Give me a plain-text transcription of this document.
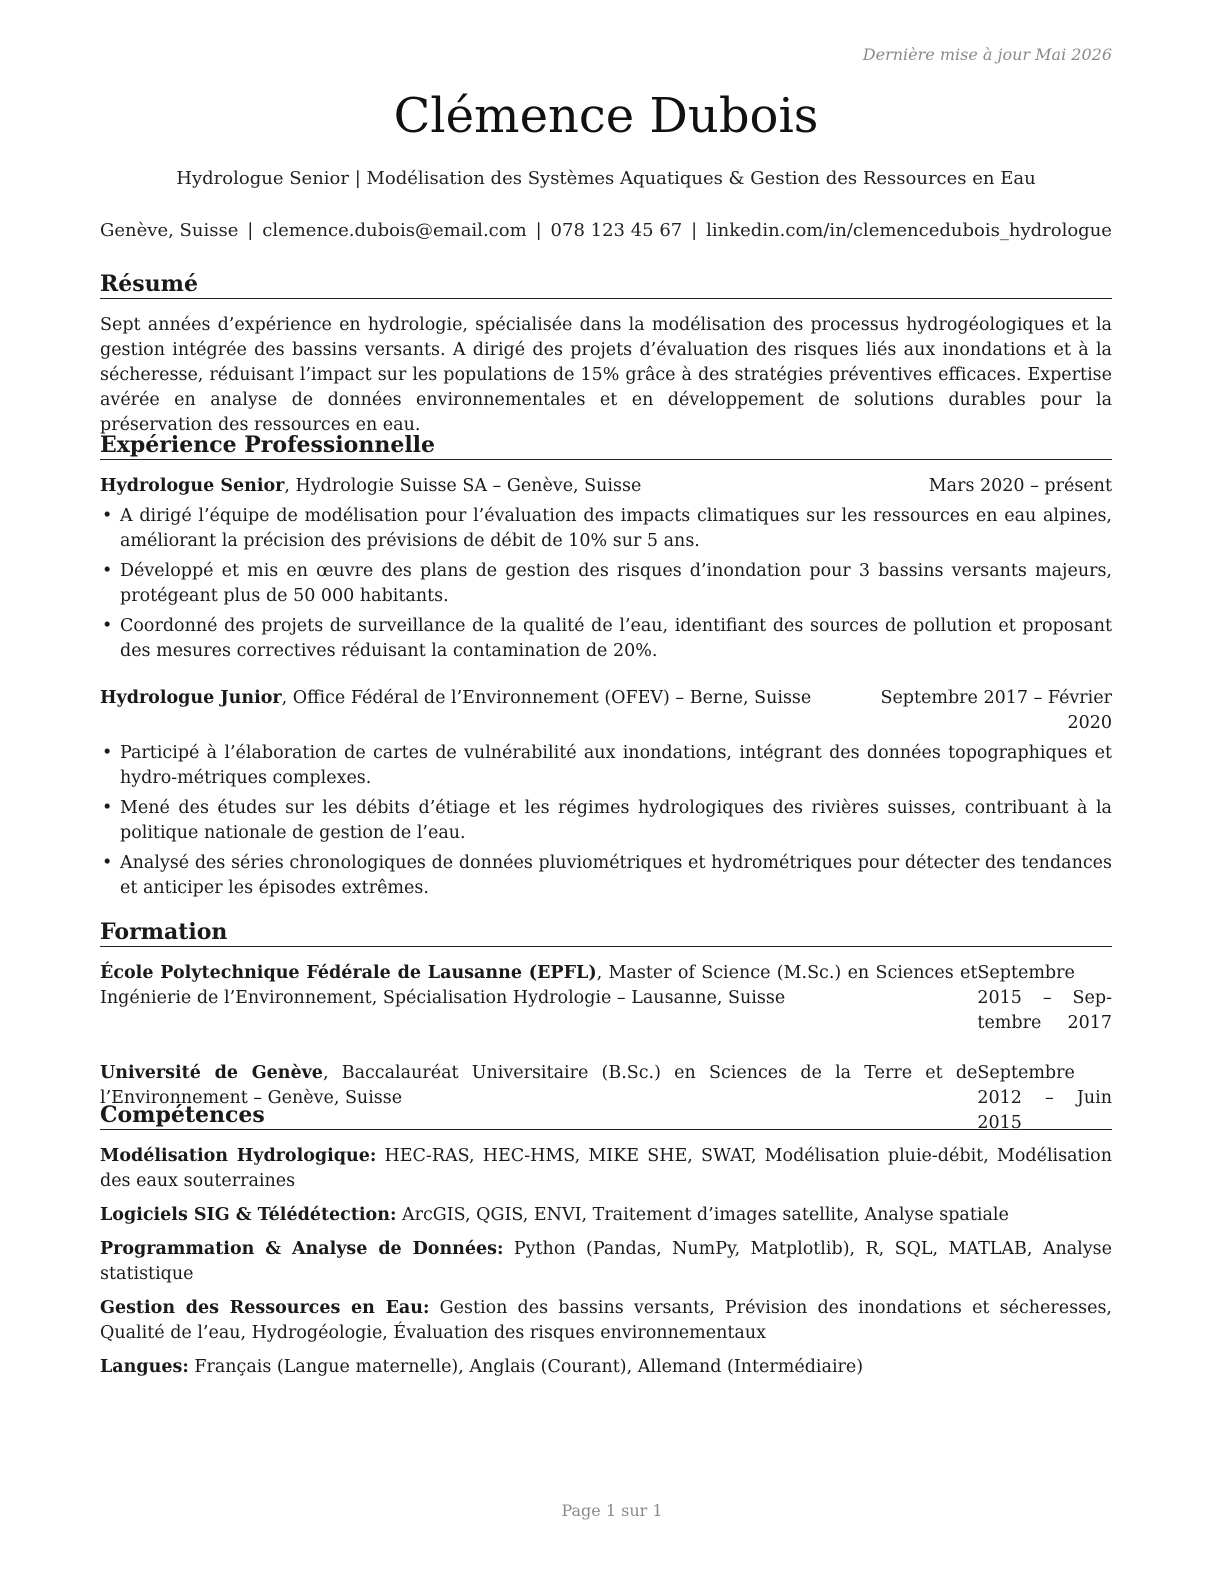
Dernière mise à jour Mai 2026
Clémence Dubois
Hydrologue Senior | Modélisation des Systèmes Aquatiques & Gestion des Ressources en Eau
Genève, Suisse | clemence.dubois@email.com | 078 123 45 67 | linkedin.com/in/clemencedubois_hydrologue
Résumé
Sept années d’expérience en hydrologie, spécialisée dans la modélisation des processus hydrogéologiques et la gestion intégrée des bassins versants. A dirigé des projets d’évaluation des risques liés aux inondations et à la sécheresse, réduisant l’impact sur les populations de 15% grâce à des stratégies préventives efficaces. Expertise avérée en analyse de données environnementales et en développement de solutions durables pour la préservation des ressources en eau.
Expérience Professionnelle
Hydrologue Senior, Hydrologie Suisse SA – Genève, Suisse	Mars 2020 – présent
• A dirigé l’équipe de modélisation pour l’évaluation des impacts climatiques sur les ressources en eau alpines, améliorant la précision des prévisions de débit de 10% sur 5 ans.
• Développé et mis en œuvre des plans de gestion des risques d’inondation pour 3 bassins versants majeurs, protégeant plus de 50 000 habitants.
• Coordonné des projets de surveillance de la qualité de l’eau, identifiant des sources de pollution et proposant des mesures correctives réduisant la contamination de 20%.
Hydrologue Junior, Office Fédéral de l’Environnement (OFEV) – Berne, Suisse	Septembre 2017 – Février
2020
• Participé à l’élaboration de cartes de vulnérabilité aux inondations, intégrant des données topographiques et hydro-métriques complexes.
• Mené des études sur les débits d’étiage et les régimes hydrologiques des rivières suisses, contribuant à la politique nationale de gestion de l’eau.
• Analysé des séries chronologiques de données pluviométriques et hydrométriques pour détecter des tendances et anticiper les épisodes extrêmes.
Formation
École Polytechnique Fédérale de Lausanne (EPFL), Master of Science (M.Sc.) en Sciences et Ingénierie de l’Environnement, Spécialisation Hydrologie – Lausanne, Suisse
Septembre 2015 – Sep-tembre 2017
Université de Genève, Baccalauréat Universitaire (B.Sc.) en Sciences de la Terre et de l’Environnement – Genève, Suisse
Septembre 2012 – Juin 2015
Compétences
Modélisation Hydrologique: HEC-RAS, HEC-HMS, MIKE SHE, SWAT, Modélisation pluie-débit, Modélisation des eaux souterraines
Logiciels SIG & Télédétection: ArcGIS, QGIS, ENVI, Traitement d’images satellite, Analyse spatiale
Programmation & Analyse de Données: Python (Pandas, NumPy, Matplotlib), R, SQL, MATLAB, Analyse statistique
Gestion des Ressources en Eau: Gestion des bassins versants, Prévision des inondations et sécheresses, Qualité de l’eau, Hydrogéologie, Évaluation des risques environnementaux
Langues: Français (Langue maternelle), Anglais (Courant), Allemand (Intermédiaire)
Page 1 sur 1
